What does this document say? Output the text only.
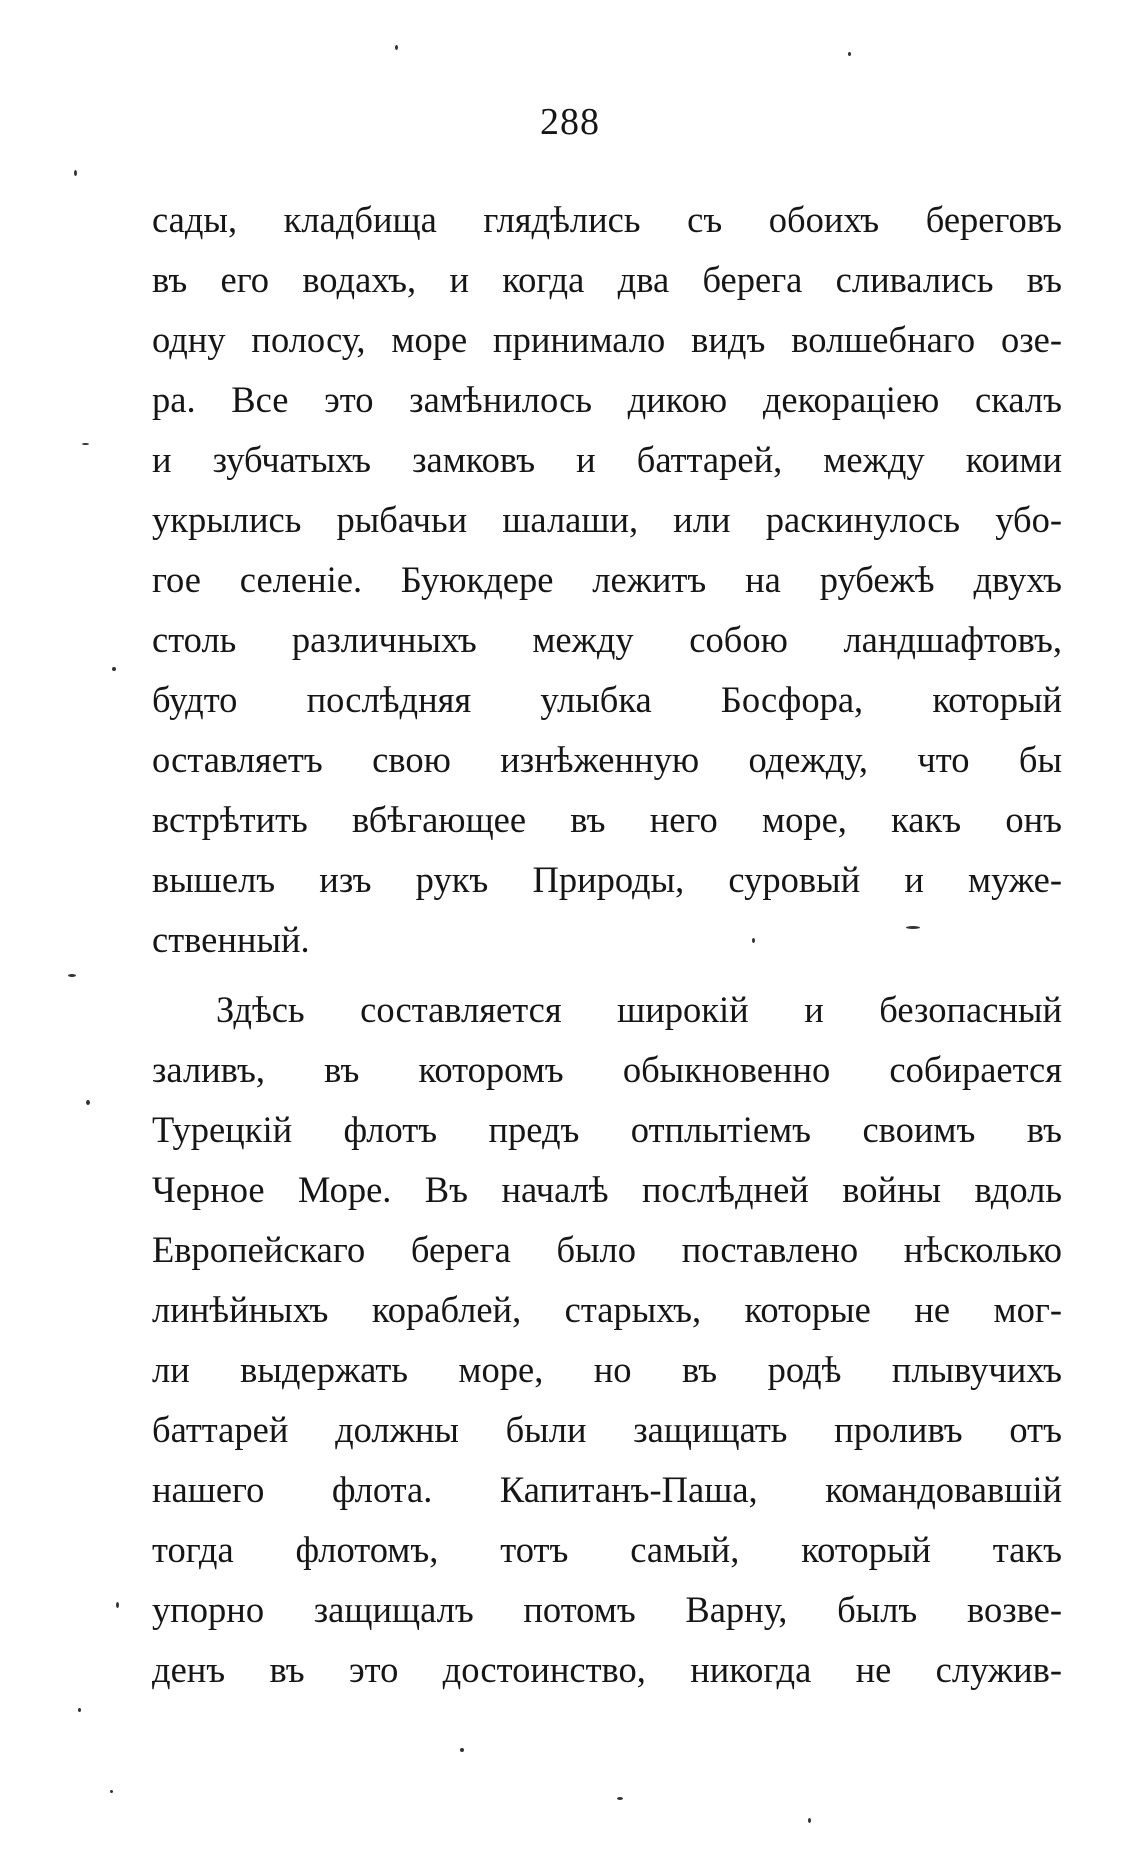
288
сады, кладбища глядѣлись съ обоихъ береговъ
въ его водахъ, и когда два берега сливались въ
одну полосу, море принимало видъ волшебнаго озе-
ра. Все это замѣнилось дикою декораціею скалъ
и зубчатыхъ замковъ и баттарей, между коими
укрылись рыбачьи шалаши, или раскинулось убо-
гое селеніе. Буюкдере лежитъ на рубежѣ двухъ
столь различныхъ между собою ландшафтовъ,
будто послѣдняя улыбка Босфора, который
оставляетъ свою изнѣженную одежду, что бы
встрѣтить вбѣгающее въ него море, какъ онъ
вышелъ изъ рукъ Природы, суровый и муже-
ственный.
Здѣсь составляется широкій и безопасный
заливъ, въ которомъ обыкновенно собирается
Турецкій флотъ предъ отплытіемъ своимъ въ
Черное Море. Въ началѣ послѣдней войны вдоль
Европейскаго берега было поставлено нѣсколько
линѣйныхъ кораблей, старыхъ, которые не мог-
ли выдержать море, но въ родѣ плывучихъ
баттарей должны были защищать проливъ отъ
нашего флота. Капитанъ-Паша, командовавшій
тогда флотомъ, тотъ самый, который такъ
упорно защищалъ потомъ Варну, былъ возве-
денъ въ это достоинство, никогда не служив-
